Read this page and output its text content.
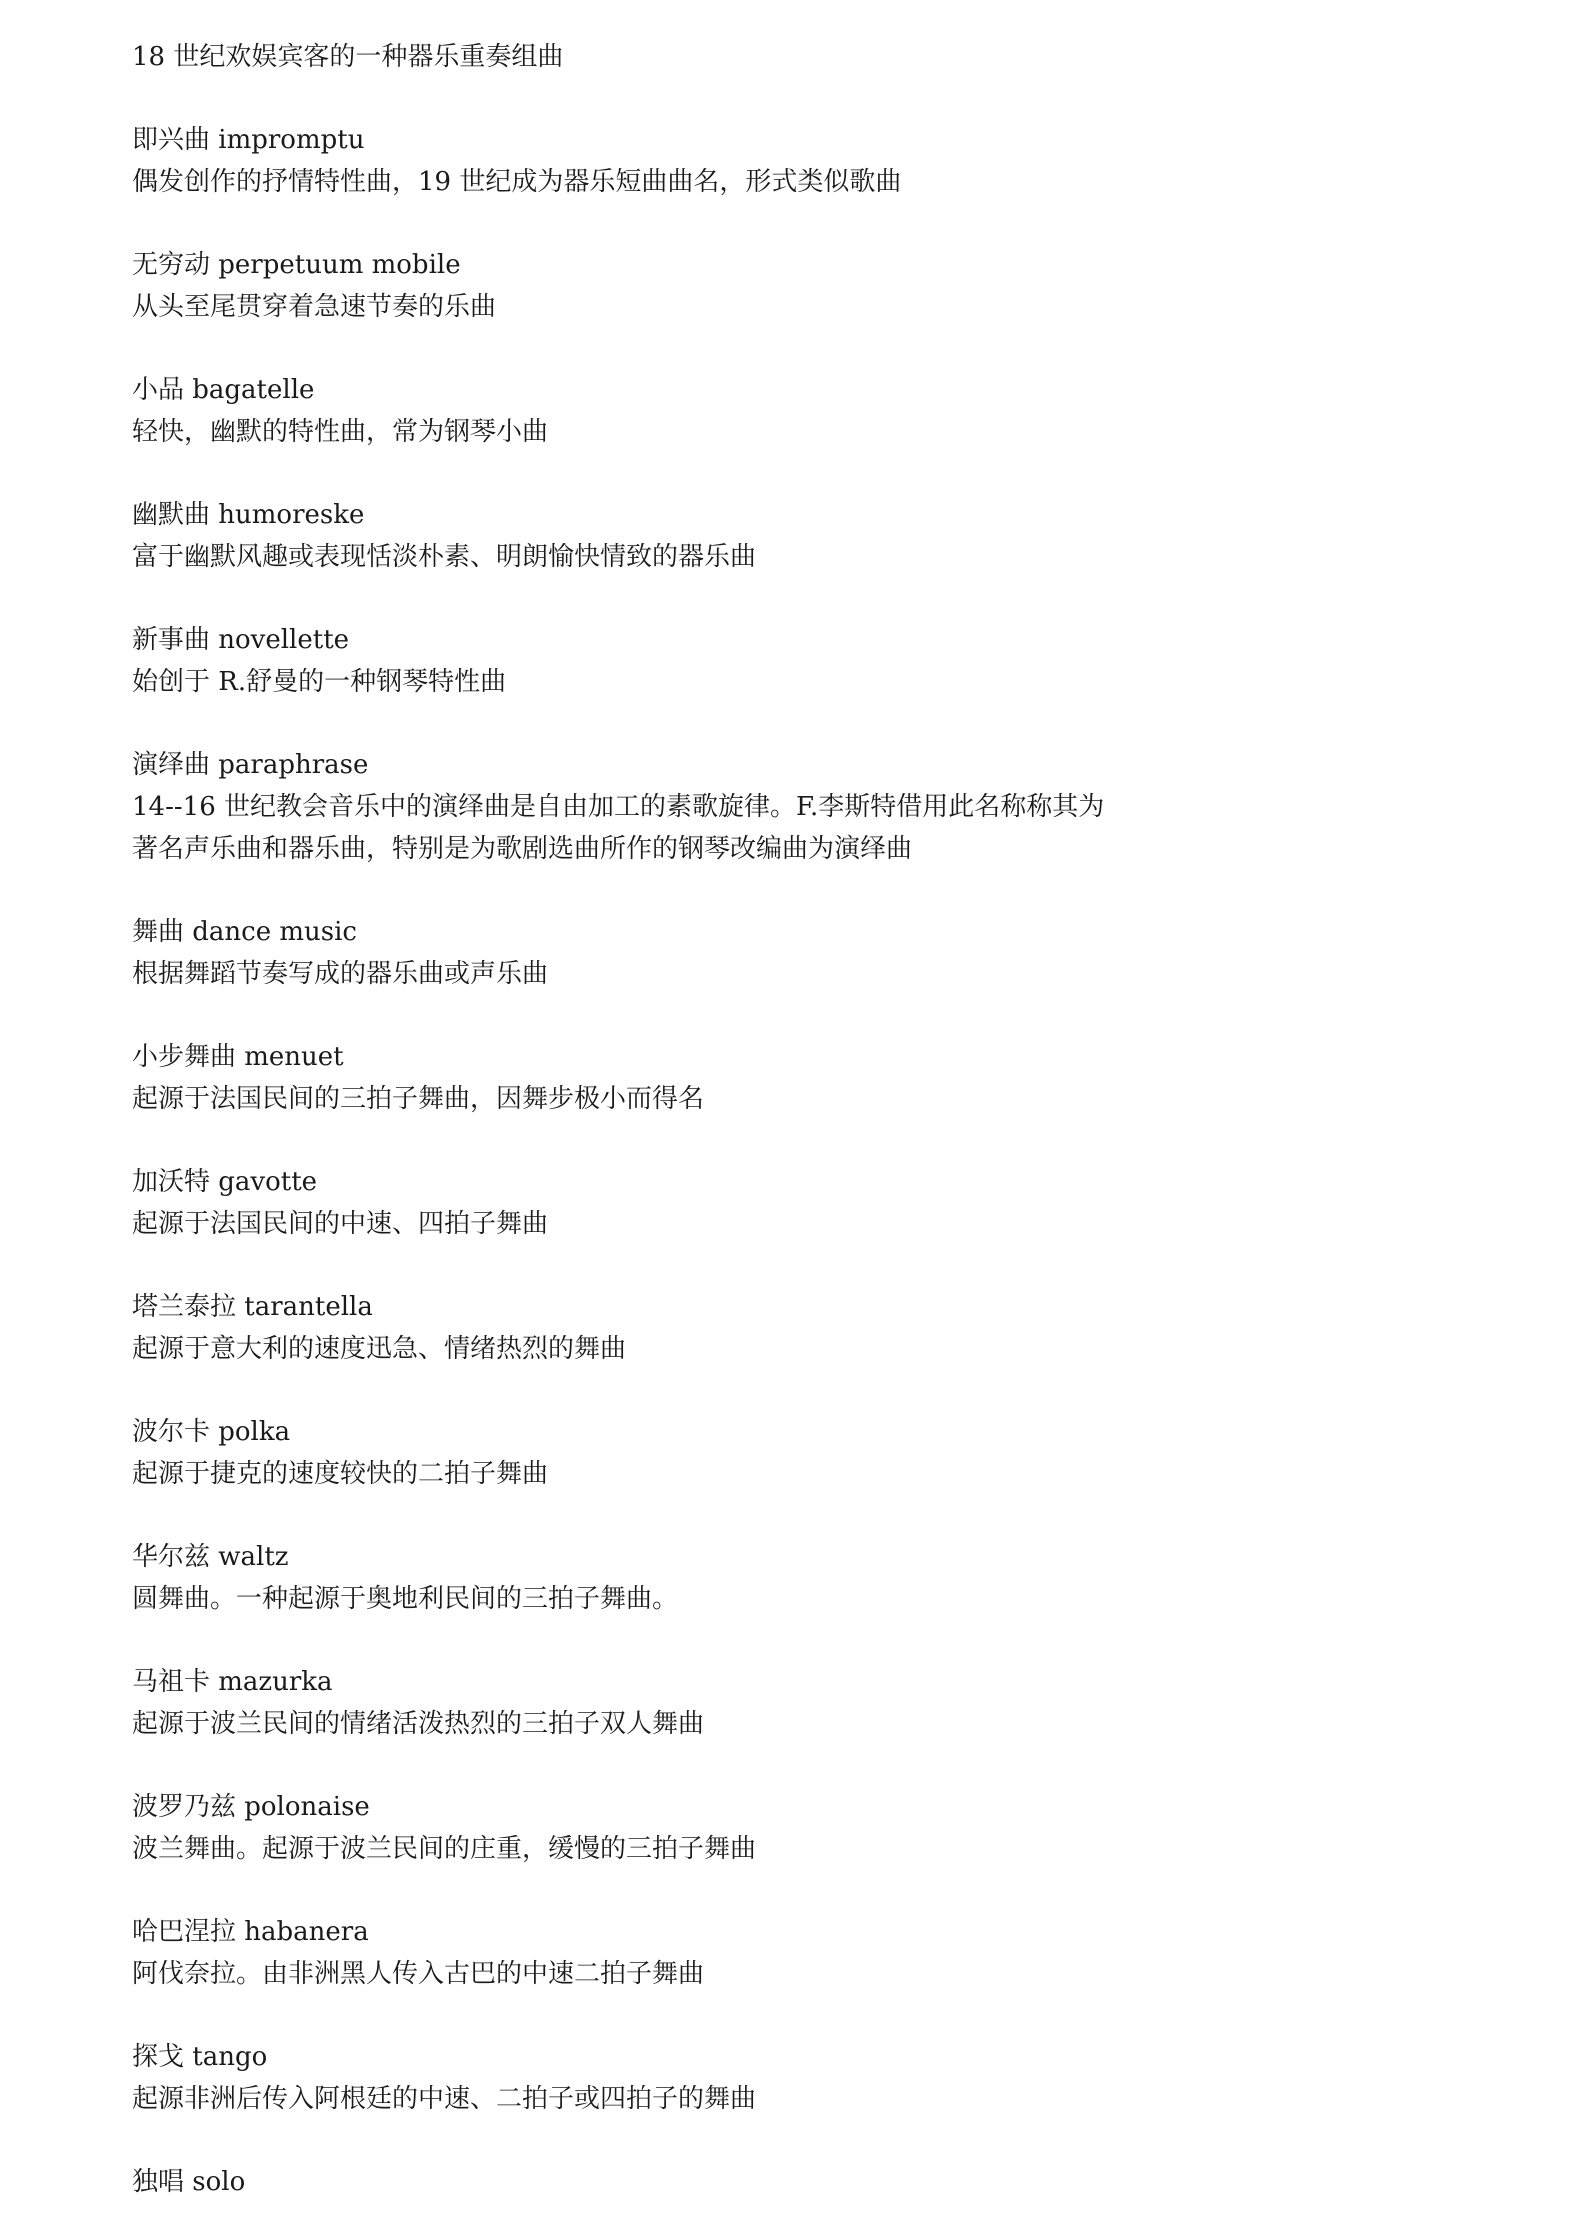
18 世纪欢娱宾客的一种器乐重奏组曲
即兴曲 impromptu
偶发创作的抒情特性曲，19 世纪成为器乐短曲曲名，形式类似歌曲
无穷动 perpetuum mobile
从头至尾贯穿着急速节奏的乐曲
小品 bagatelle
轻快，幽默的特性曲，常为钢琴小曲
幽默曲 humoreske
富于幽默风趣或表现恬淡朴素、明朗愉快情致的器乐曲
新事曲 novellette
始创于 R.舒曼的一种钢琴特性曲
演绎曲 paraphrase
14--16 世纪教会音乐中的演绎曲是自由加工的素歌旋律。F.李斯特借用此名称称其为
著名声乐曲和器乐曲，特别是为歌剧选曲所作的钢琴改编曲为演绎曲
舞曲 dance music
根据舞蹈节奏写成的器乐曲或声乐曲
小步舞曲 menuet
起源于法国民间的三拍子舞曲，因舞步极小而得名
加沃特 gavotte
起源于法国民间的中速、四拍子舞曲
塔兰泰拉 tarantella
起源于意大利的速度迅急、情绪热烈的舞曲
波尔卡 polka
起源于捷克的速度较快的二拍子舞曲
华尔兹 waltz
圆舞曲。一种起源于奥地利民间的三拍子舞曲。
马祖卡 mazurka
起源于波兰民间的情绪活泼热烈的三拍子双人舞曲
波罗乃兹 polonaise
波兰舞曲。起源于波兰民间的庄重，缓慢的三拍子舞曲
哈巴涅拉 habanera
阿伐奈拉。由非洲黑人传入古巴的中速二拍子舞曲
探戈 tango
起源非洲后传入阿根廷的中速、二拍子或四拍子的舞曲
独唱 solo
